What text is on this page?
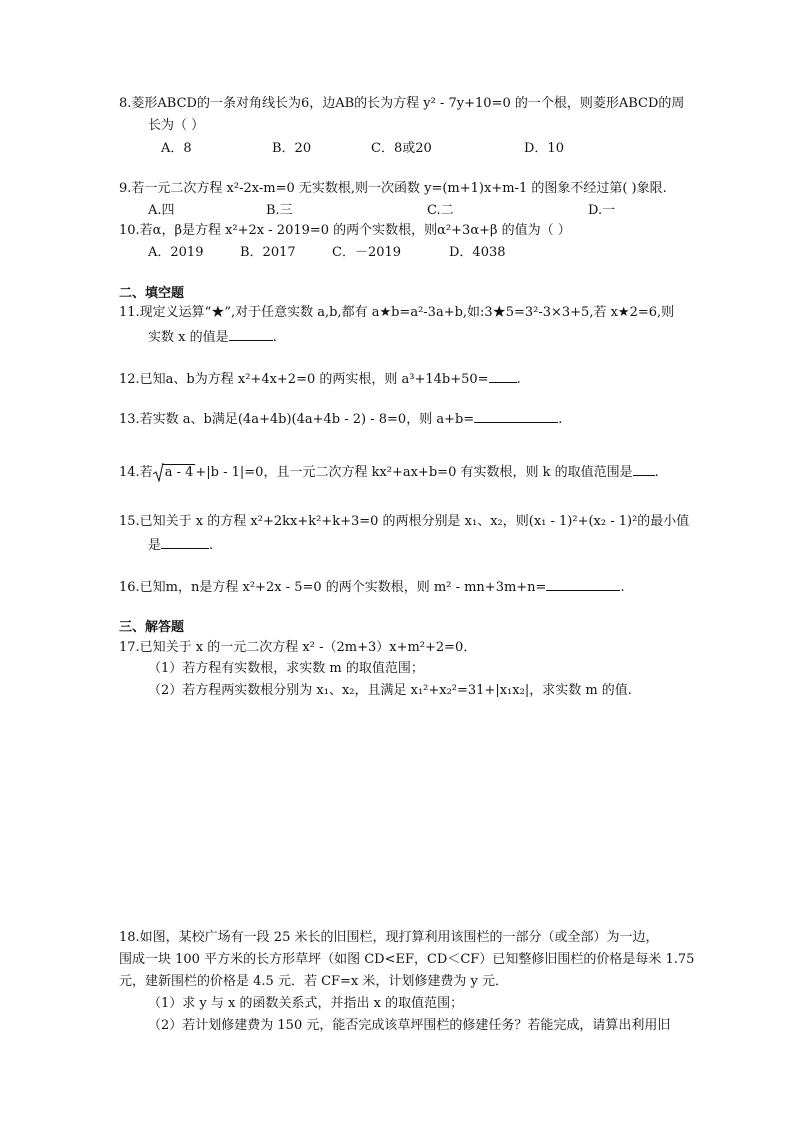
8.菱形ABCD的一条对角线长为6，边AB的长为方程 y² - 7y+10=0 的一个根，则菱形ABCD的周
长为（ ）
A．8	B．20	C．8或20	D．10
9.若一元二次方程 x²-2x-m=0 无实数根,则一次函数 y=(m+1)x+m-1 的图象不经过第( )象限.
A.四	B.三	C.二	D.一
10.若α，β是方程 x²+2x - 2019=0 的两个实数根，则α²+3α+β 的值为（ ）
A．2019	B．2017	C．－2019	D．4038
二、填空题
11.现定义运算“★”,对于任意实数 a,b,都有 a★b=a²-3a+b,如:3★5=3²-3×3+5,若 x★2=6,则
实数 x 的值是	.
12.已知a、b为方程 x²+4x+2=0 的两实根，则 a³+14b+50= .
13.若实数 a、b满足(4a+4b)(4a+4b - 2) - 8=0，则 a+b=	.
14.若 a - 4 +|b - 1|=0，且一元二次方程 kx²+ax+b=0 有实数根，则 k 的取值范围是 .
15.已知关于 x 的方程 x²+2kx+k²+k+3=0 的两根分别是 x₁、x₂，则(x₁ - 1)²+(x₂ - 1)²的最小值
是	.
16.已知m，n是方程 x²+2x - 5=0 的两个实数根，则 m² - mn+3m+n=	.
三、解答题
17.已知关于 x 的一元二次方程 x² -（2m+3）x+m²+2=0．
（1）若方程有实数根，求实数 m 的取值范围；
（2）若方程两实数根分别为 x₁、x₂，且满足 x₁²+x₂²=31+|x₁x₂|，求实数 m 的值.
18.如图，某校广场有一段 25 米长的旧围栏，现打算利用该围栏的一部分（或全部）为一边，
围成一块 100 平方米的长方形草坪（如图 CD<EF，CD＜CF）已知整修旧围栏的价格是每米 1.75
元，建新围栏的价格是 4.5 元．若 CF=x 米，计划修建费为 y 元．
（1）求 y 与 x 的函数关系式，并指出 x 的取值范围；
（2）若计划修建费为 150 元，能否完成该草坪围栏的修建任务？若能完成，请算出利用旧
